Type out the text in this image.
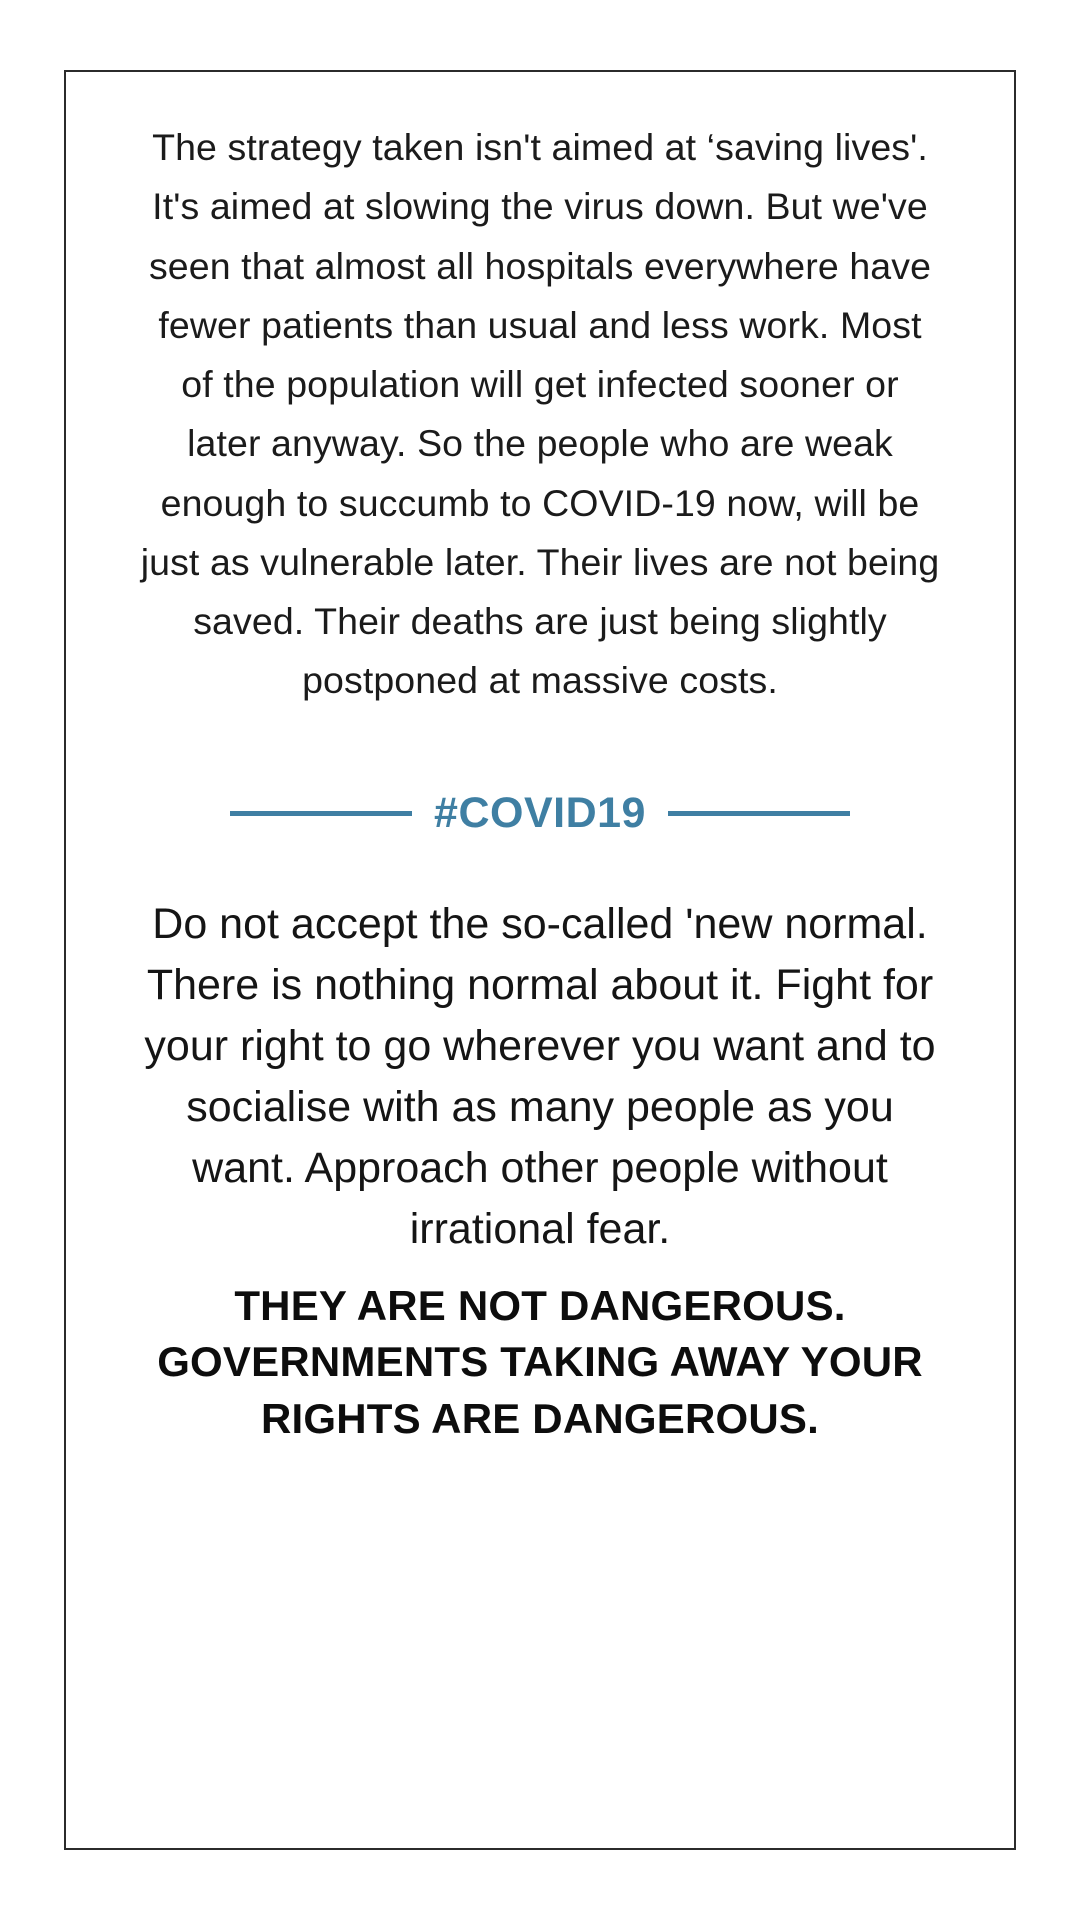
The strategy taken isn't aimed at ‘saving lives'. It's aimed at slowing the virus down. But we've seen that almost all hospitals everywhere have fewer patients than usual and less work. Most of the population will get infected sooner or later anyway. So the people who are weak enough to succumb to COVID-19 now, will be just as vulnerable later. Their lives are not being saved. Their deaths are just being slightly postponed at massive costs.

#COVID19

Do not accept the so-called 'new normal. There is nothing normal about it. Fight for your right to go wherever you want and to socialise with as many people as you want. Approach other people without irrational fear.

THEY ARE NOT DANGEROUS. GOVERNMENTS TAKING AWAY YOUR RIGHTS ARE DANGEROUS.
